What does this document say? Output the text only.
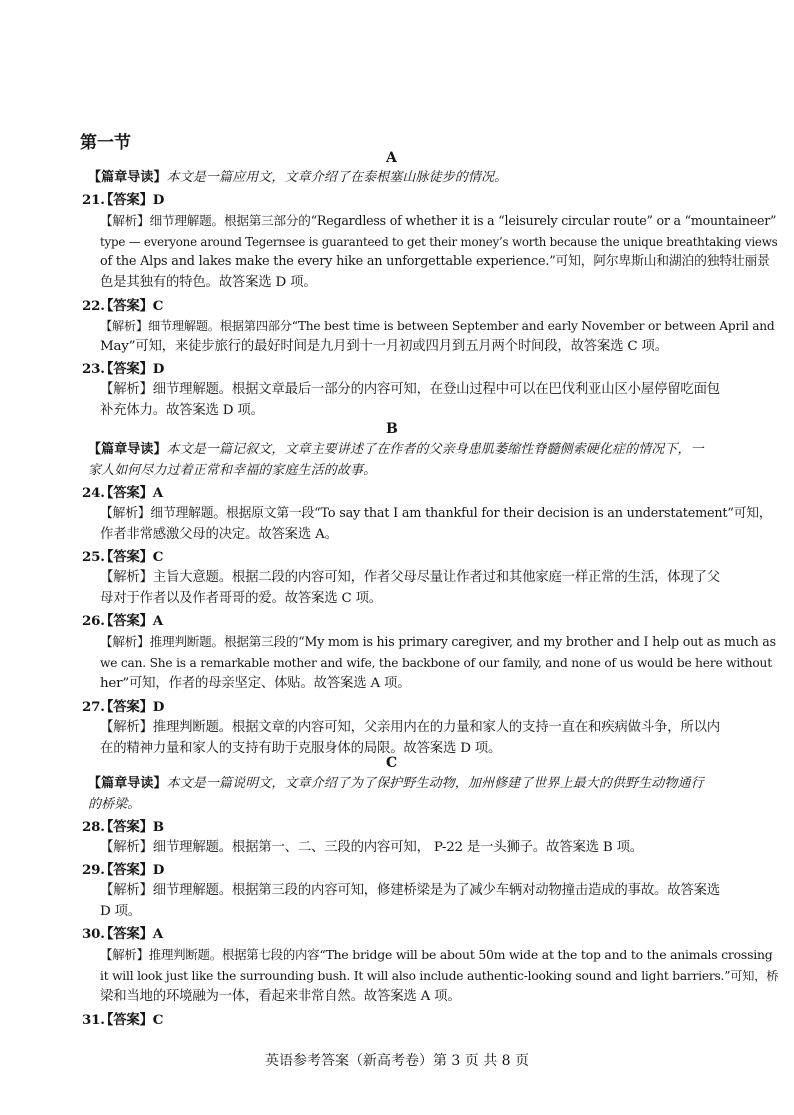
第一节
A
【篇章导读】本文是一篇应用文，文章介绍了在泰根塞山脉徒步的情况。
21.
【答案】D
【解析】细节理解题。根据第三部分的“Regardless of whether it is a “leisurely circular route” or a “mountaineer”
type — everyone around Tegernsee is guaranteed to get their money’s worth because the unique breathtaking views
of the Alps and lakes make the every hike an unforgettable experience.”可知，阿尔卑斯山和湖泊的独特壮丽景
色是其独有的特色。故答案选 D 项。
22.
【答案】C
【解析】细节理解题。根据第四部分“The best time is between September and early November or between April and
May”可知，来徒步旅行的最好时间是九月到十一月初或四月到五月两个时间段，故答案选 C 项。
23.
【答案】D
【解析】细节理解题。根据文章最后一部分的内容可知，在登山过程中可以在巴伐利亚山区小屋停留吃面包
补充体力。故答案选 D 项。
B
【篇章导读】本文是一篇记叙文，文章主要讲述了在作者的父亲身患肌萎缩性脊髓侧索硬化症的情况下，一
家人如何尽力过着正常和幸福的家庭生活的故事。
24.
【答案】A
【解析】细节理解题。根据原文第一段“To say that I am thankful for their decision is an understatement”可知，
作者非常感激父母的决定。故答案选 A。
25.
【答案】C
【解析】主旨大意题。根据二段的内容可知，作者父母尽量让作者过和其他家庭一样正常的生活，体现了父
母对于作者以及作者哥哥的爱。故答案选 C 项。
26.
【答案】A
【解析】推理判断题。根据第三段的“My mom is his primary caregiver, and my brother and I help out as much as
we can. She is a remarkable mother and wife, the backbone of our family, and none of us would be here without
her”可知，作者的母亲坚定、体贴。故答案选 A 项。
27.
【答案】D
【解析】推理判断题。根据文章的内容可知，父亲用内在的力量和家人的支持一直在和疾病做斗争，所以内
在的精神力量和家人的支持有助于克服身体的局限。故答案选 D 项。
C
【篇章导读】本文是一篇说明文，文章介绍了为了保护野生动物，加州修建了世界上最大的供野生动物通行
的桥梁。
28.
【答案】B
【解析】细节理解题。根据第一、二、三段的内容可知， P-22 是一头狮子。故答案选 B 项。
29.
【答案】D
【解析】细节理解题。根据第三段的内容可知，修建桥梁是为了减少车辆对动物撞击造成的事故。故答案选
D 项。
30.
【答案】A
【解析】推理判断题。根据第七段的内容“The bridge will be about 50m wide at the top and to the animals crossing
it will look just like the surrounding bush. It will also include authentic-looking sound and light barriers.”可知，桥
梁和当地的环境融为一体，看起来非常自然。故答案选 A 项。
31.
【答案】C
英语参考答案（新高考卷）第 3 页 共 8 页
